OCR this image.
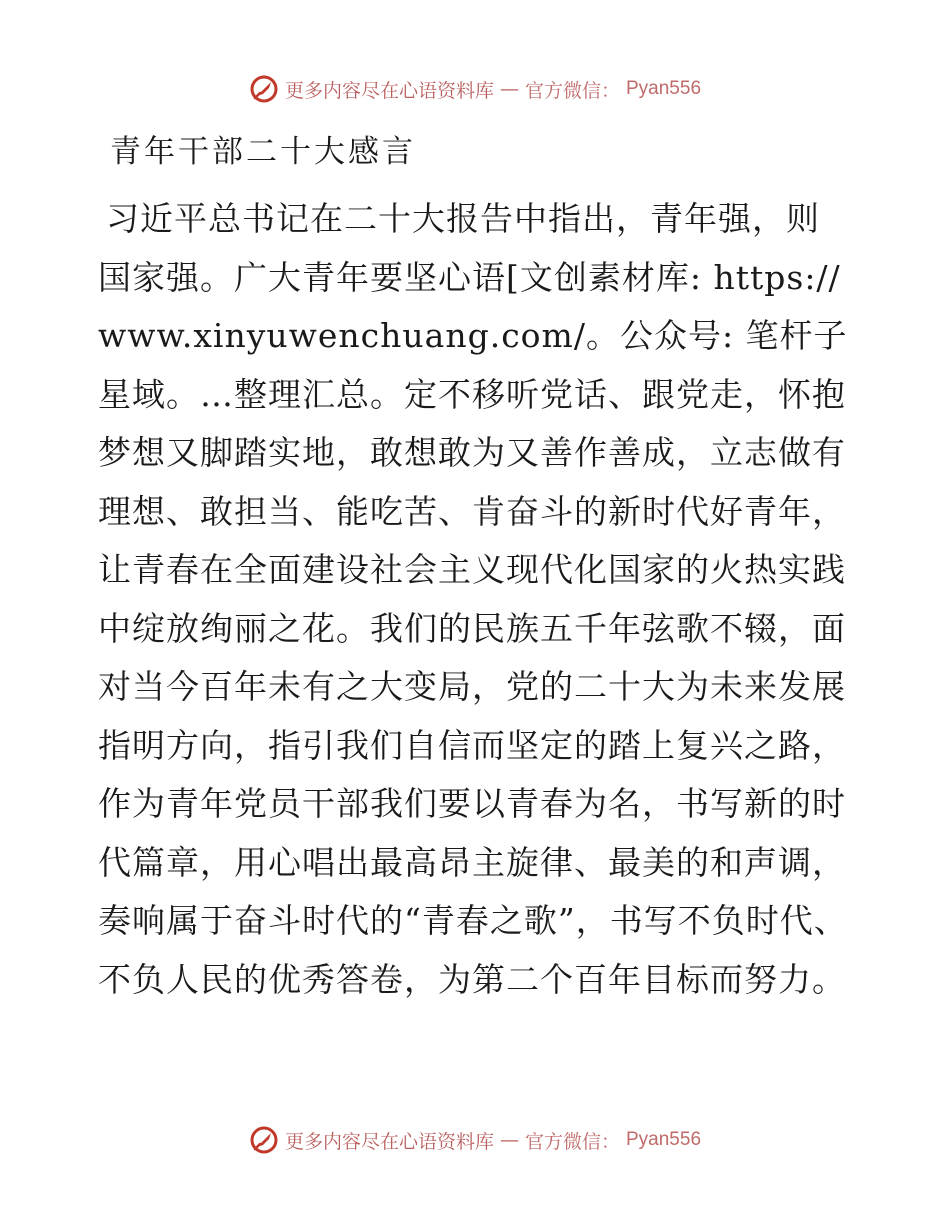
更多内容尽在心语资料库 — 官方微信： Pyan556
青年干部二十大感言

习近平总书记在二十大报告中指出，青年强，则国家强。广大青年要坚心语[文创素材库: https://www.xinyuwenchuang.com/。公众号: 笔杆子星域。…整理汇总。定不移听党话、跟党走，怀抱梦想又脚踏实地，敢想敢为又善作善成，立志做有理想、敢担当、能吃苦、肯奋斗的新时代好青年，让青春在全面建设社会主义现代化国家的火热实践中绽放绚丽之花。我们的民族五千年弦歌不辍，面对当今百年未有之大变局，党的二十大为未来发展指明方向，指引我们自信而坚定的踏上复兴之路，作为青年党员干部我们要以青春为名，书写新的时代篇章，用心唱出最高昂主旋律、最美的和声调，奏响属于奋斗时代的“青春之歌”，书写不负时代、不负人民的优秀答卷，为第二个百年目标而努力。

更多内容尽在心语资料库 — 官方微信： Pyan556
